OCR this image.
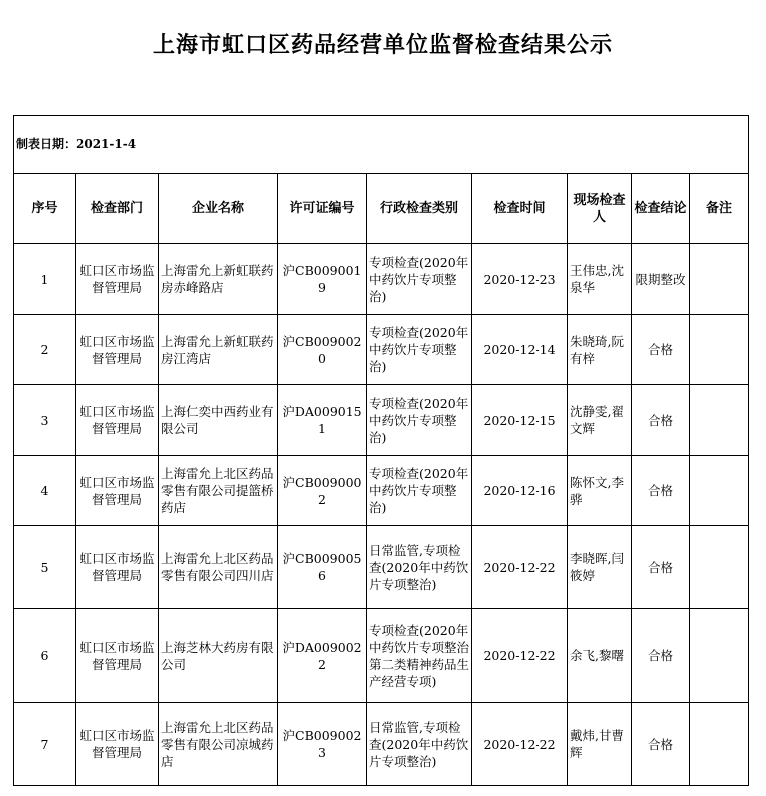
上海市虹口区药品经营单位监督检查结果公示
制表日期：2021-1-4								
序号	检查部门	企业名称	许可证编号	行政检查类别	检查时间	现场检查人	检查结论	备注
1	虹口区市场监督管理局	上海雷允上新虹联药房赤峰路店	沪CB0090019	专项检查(2020年中药饮片专项整治)	2020-12-23	王伟忠,沈泉华	限期整改	
2	虹口区市场监督管理局	上海雷允上新虹联药房江湾店	沪CB0090020	专项检查(2020年中药饮片专项整治)	2020-12-14	朱晓琦,阮有梓	合格	
3	虹口区市场监督管理局	上海仁奕中西药业有限公司	沪DA0090151	专项检查(2020年中药饮片专项整治)	2020-12-15	沈静雯,翟文辉	合格	
4	虹口区市场监督管理局	上海雷允上北区药品零售有限公司提篮桥药店	沪CB0090002	专项检查(2020年中药饮片专项整治)	2020-12-16	陈怀文,李骅	合格	
5	虹口区市场监督管理局	上海雷允上北区药品零售有限公司四川店	沪CB0090056	日常监管,专项检查(2020年中药饮片专项整治)	2020-12-22	李晓晖,闫筱婷	合格	
6	虹口区市场监督管理局	上海芝林大药房有限公司	沪DA0090022	专项检查(2020年中药饮片专项整治第二类精神药品生产经营专项)	2020-12-22	余飞,黎曙	合格	
7	虹口区市场监督管理局	上海雷允上北区药品零售有限公司凉城药店	沪CB0090023	日常监管,专项检查(2020年中药饮片专项整治)	2020-12-22	戴炜,甘曹辉	合格	
